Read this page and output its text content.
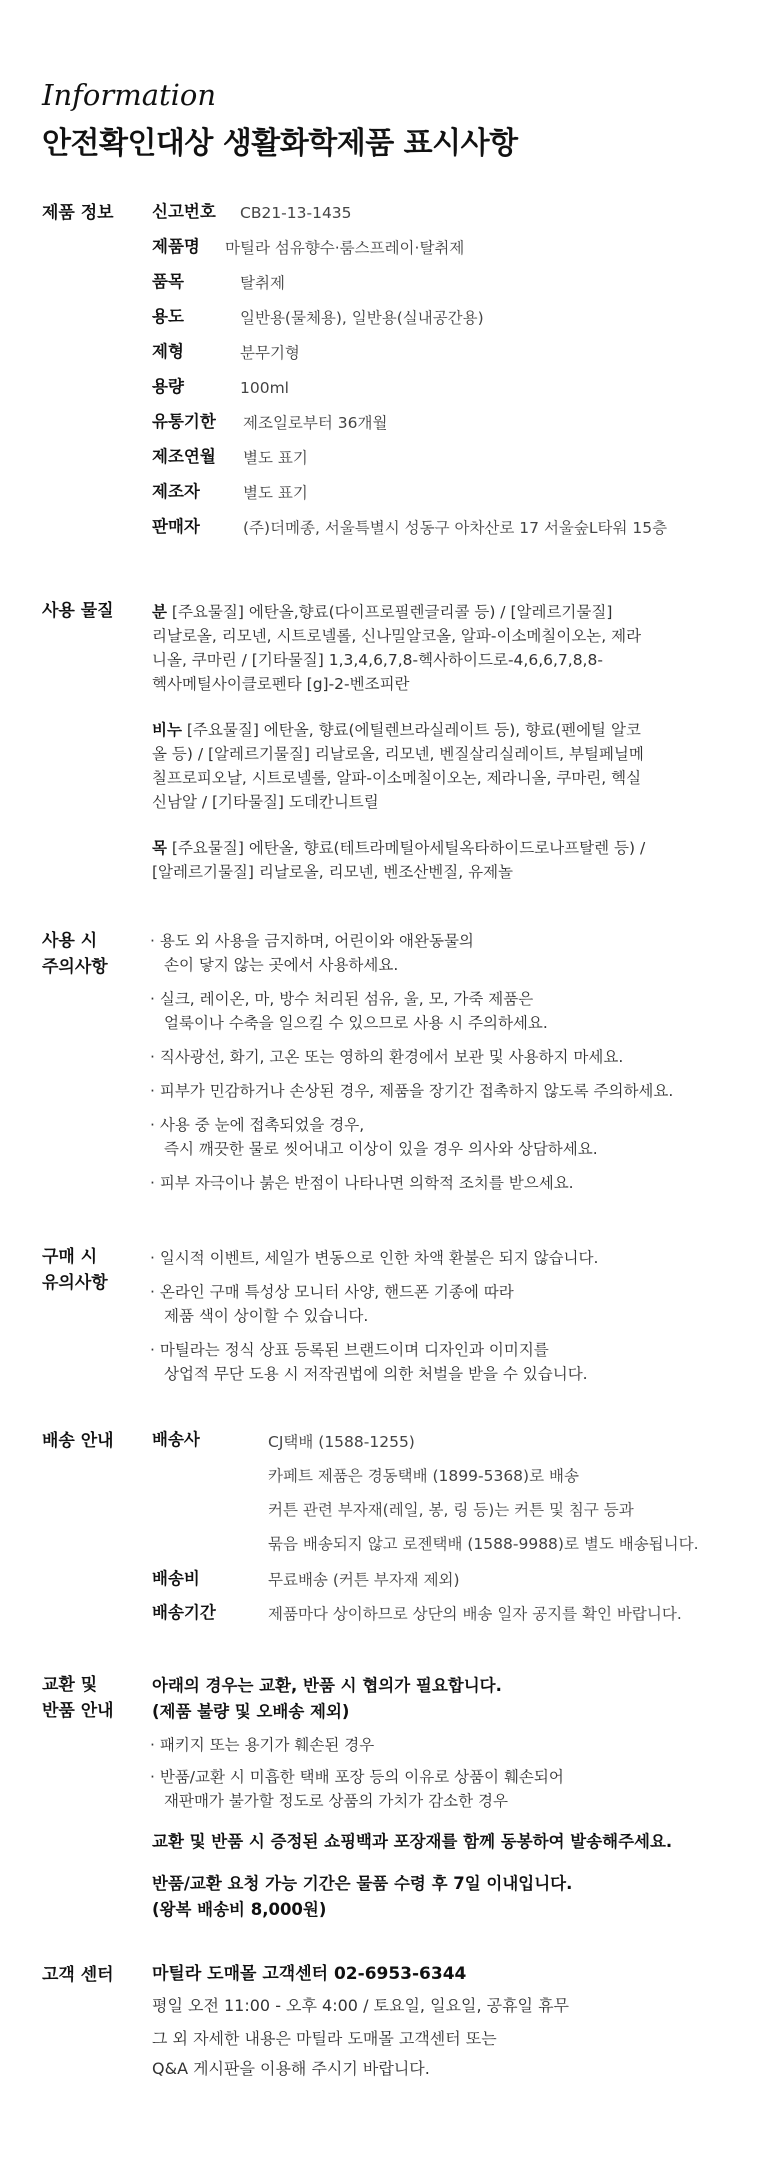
Information
안전확인대상 생활화학제품 표시사항
제품 정보 신고번호 CB21-13-1435
제품명 마틸라 섬유향수·룸스프레이·탈취제
품목	탈취제
용도	일반용(물체용), 일반용(실내공간용)
제형	분무기형
용량	100ml
유통기한 제조일로부터 36개월
제조연월 별도 표기
제조자	별도 표기
판매자	(주)더메종, 서울특별시 성동구 아차산로 17 서울숲L타워 15층
사용 물질 분 [주요물질] 에탄올,향료(다이프로필렌글리콜 등) / [알레르기물질]
리날로올, 리모넨, 시트로넬롤, 신나밀알코올, 알파-이소메칠이오논, 제라
니올, 쿠마린 / [기타물질] 1,3,4,6,7,8-헥사하이드로-4,6,6,7,8,8-
헥사메틸사이클로펜타 [g]-2-벤조피란
비누 [주요물질] 에탄올, 향료(에틸렌브라실레이트 등), 향료(펜에틸 알코
올 등) / [알레르기물질] 리날로올, 리모넨, 벤질살리실레이트, 부틸페닐메
칠프로피오날, 시트로넬롤, 알파-이소메칠이오논, 제라니올, 쿠마린, 헥실
신남알 / [기타물질] 도데칸니트릴
목 [주요물질] 에탄올, 향료(테트라메틸아세틸옥타하이드로나프탈렌 등) /
[알레르기물질] 리날로올, 리모넨, 벤조산벤질, 유제놀
사용 시
주의사항
· 용도 외 사용을 금지하며, 어린이와 애완동물의
손이 닿지 않는 곳에서 사용하세요.
· 실크, 레이온, 마, 방수 처리된 섬유, 울, 모, 가죽 제품은
얼룩이나 수축을 일으킬 수 있으므로 사용 시 주의하세요.
· 직사광선, 화기, 고온 또는 영하의 환경에서 보관 및 사용하지 마세요.
· 피부가 민감하거나 손상된 경우, 제품을 장기간 접촉하지 않도록 주의하세요.
· 사용 중 눈에 접촉되었을 경우,
즉시 깨끗한 물로 씻어내고 이상이 있을 경우 의사와 상담하세요.
· 피부 자극이나 붉은 반점이 나타나면 의학적 조치를 받으세요.
구매 시
유의사항
· 일시적 이벤트, 세일가 변동으로 인한 차액 환불은 되지 않습니다.
· 온라인 구매 특성상 모니터 사양, 핸드폰 기종에 따라
제품 색이 상이할 수 있습니다.
· 마틸라는 정식 상표 등록된 브랜드이며 디자인과 이미지를
상업적 무단 도용 시 저작권법에 의한 처벌을 받을 수 있습니다.
배송 안내 배송사	CJ택배 (1588-1255)
카페트 제품은 경동택배 (1899-5368)로 배송
커튼 관련 부자재(레일, 봉, 링 등)는 커튼 및 침구 등과
묶음 배송되지 않고 로젠택배 (1588-9988)로 별도 배송됩니다.
배송비	무료배송 (커튼 부자재 제외)
배송기간	제품마다 상이하므로 상단의 배송 일자 공지를 확인 바랍니다.
교환 및
반품 안내
아래의 경우는 교환, 반품 시 협의가 필요합니다.
(제품 불량 및 오배송 제외)
· 패키지 또는 용기가 훼손된 경우
· 반품/교환 시 미흡한 택배 포장 등의 이유로 상품이 훼손되어
재판매가 불가할 정도로 상품의 가치가 감소한 경우
교환 및 반품 시 증정된 쇼핑백과 포장재를 함께 동봉하여 발송해주세요.
반품/교환 요청 가능 기간은 물품 수령 후 7일 이내입니다.
(왕복 배송비 8,000원)
고객 센터 마틸라 도매몰 고객센터 02-6953-6344
평일 오전 11:00 - 오후 4:00 / 토요일, 일요일, 공휴일 휴무
그 외 자세한 내용은 마틸라 도매몰 고객센터 또는
Q&A 게시판을 이용해 주시기 바랍니다.
